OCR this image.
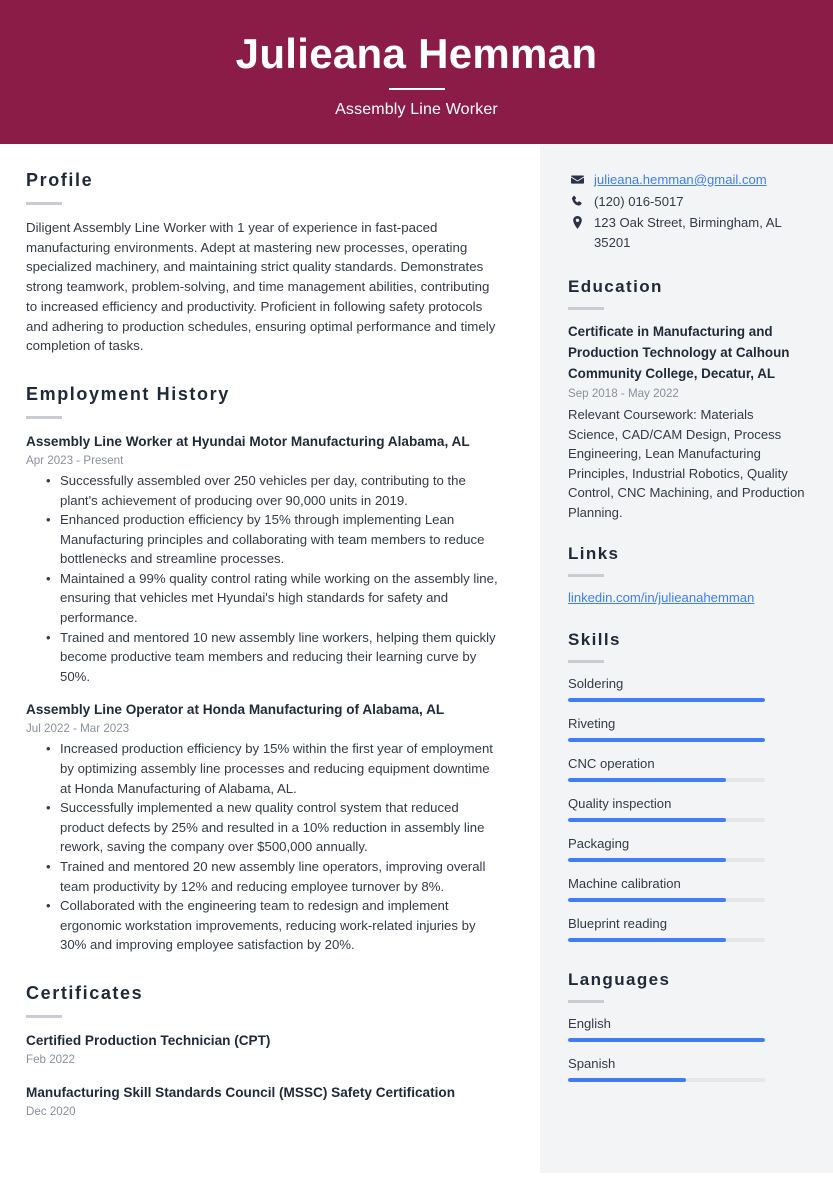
Julieana Hemman
Assembly Line Worker
Profile
Diligent Assembly Line Worker with 1 year of experience in fast-paced manufacturing environments. Adept at mastering new processes, operating specialized machinery, and maintaining strict quality standards. Demonstrates strong teamwork, problem-solving, and time management abilities, contributing to increased efficiency and productivity. Proficient in following safety protocols and adhering to production schedules, ensuring optimal performance and timely completion of tasks.
Employment History
Assembly Line Worker at Hyundai Motor Manufacturing Alabama, AL
Apr 2023 - Present
• Successfully assembled over 250 vehicles per day, contributing to the plant's achievement of producing over 90,000 units in 2019.
• Enhanced production efficiency by 15% through implementing Lean Manufacturing principles and collaborating with team members to reduce bottlenecks and streamline processes.
• Maintained a 99% quality control rating while working on the assembly line, ensuring that vehicles met Hyundai's high standards for safety and performance.
• Trained and mentored 10 new assembly line workers, helping them quickly become productive team members and reducing their learning curve by 50%.
Assembly Line Operator at Honda Manufacturing of Alabama, AL
Jul 2022 - Mar 2023
• Increased production efficiency by 15% within the first year of employment by optimizing assembly line processes and reducing equipment downtime at Honda Manufacturing of Alabama, AL.
• Successfully implemented a new quality control system that reduced product defects by 25% and resulted in a 10% reduction in assembly line rework, saving the company over $500,000 annually.
• Trained and mentored 20 new assembly line operators, improving overall team productivity by 12% and reducing employee turnover by 8%.
• Collaborated with the engineering team to redesign and implement ergonomic workstation improvements, reducing work-related injuries by 30% and improving employee satisfaction by 20%.
Certificates
Certified Production Technician (CPT)
Feb 2022
Manufacturing Skill Standards Council (MSSC) Safety Certification
Dec 2020
julieana.hemman@gmail.com
(120) 016-5017
123 Oak Street, Birmingham, AL 35201
Education
Certificate in Manufacturing and Production Technology at Calhoun Community College, Decatur, AL
Sep 2018 - May 2022
Relevant Coursework: Materials Science, CAD/CAM Design, Process Engineering, Lean Manufacturing Principles, Industrial Robotics, Quality Control, CNC Machining, and Production Planning.
Links
linkedin.com/in/julieanahemman
Skills
Soldering
Riveting
CNC operation
Quality inspection
Packaging
Machine calibration
Blueprint reading
Languages
English
Spanish
